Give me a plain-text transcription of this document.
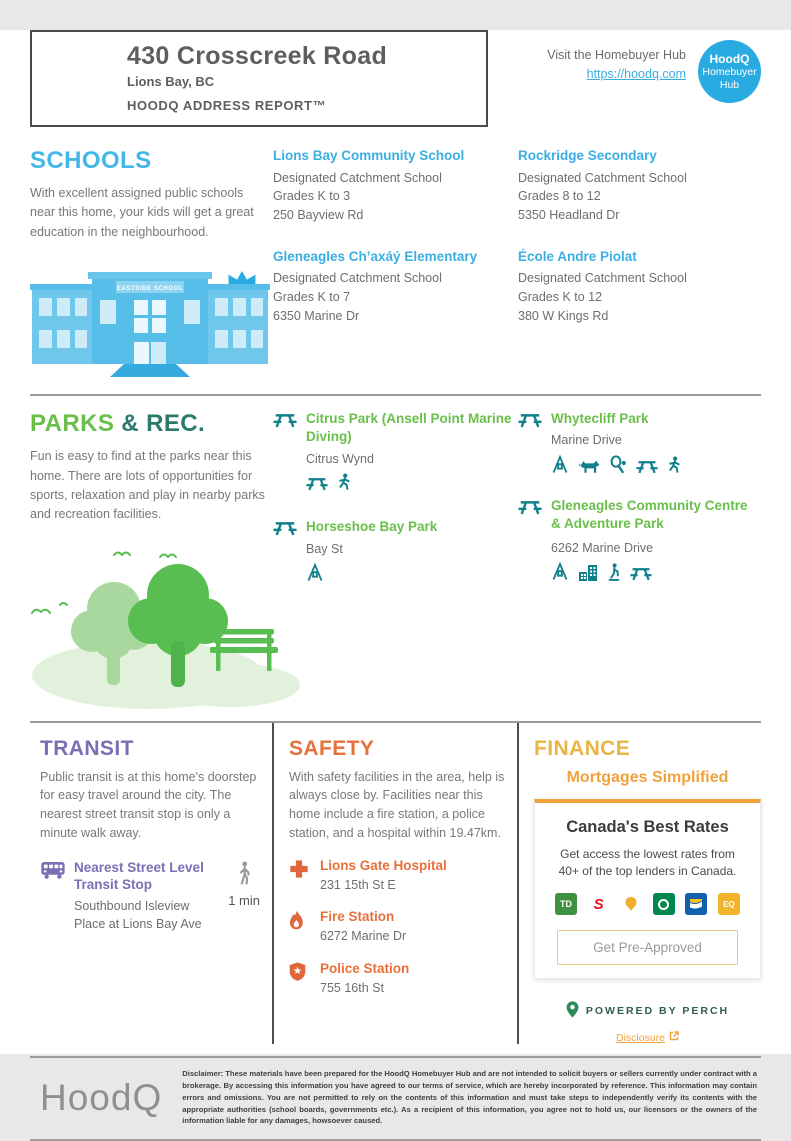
430 Crosscreek Road
Lions Bay, BC
HOODQ ADDRESS REPORT™
Visit the Homebuyer Hub
https://hoodq.com
HoodQ
Homebuyer
Hub
SCHOOLS
With excellent assigned public schools near this home, your kids will get a great education in the neighbourhood.
EASTSIDE SCHOOL
Lions Bay Community School
Designated Catchment School
Grades K to 3
250 Bayview Rd
Gleneagles Ch’axáý Elementary
Designated Catchment School
Grades K to 7
6350 Marine Dr
Rockridge Secondary
Designated Catchment School
Grades 8 to 12
5350 Headland Dr
École Andre Piolat
Designated Catchment School
Grades K to 12
380 W Kings Rd
PARKS & REC.
Fun is easy to find at the parks near this home. There are lots of opportunities for sports, relaxation and play in nearby parks and recreation facilities.
Citrus Park (Ansell Point Marine Diving)
Citrus Wynd
Horseshoe Bay Park
Bay St
Whytecliff Park
Marine Drive
Gleneagles Community Centre & Adventure Park
6262 Marine Drive
TRANSIT
Public transit is at this home's doorstep for easy travel around the city. The nearest street transit stop is only a minute walk away.
Nearest Street Level Transit Stop
Southbound Isleview Place at Lions Bay Ave
1 min
SAFETY
With safety facilities in the area, help is always close by. Facilities near this home include a fire station, a police station, and a hospital within 19.47km.
Lions Gate Hospital
231 15th St E
Fire Station
6272 Marine Dr
Police Station
755 16th St
FINANCE
Mortgages Simplified
Canada's Best Rates
Get access the lowest rates from 40+ of the top lenders in Canada.
TD	S	EQ
Get Pre-Approved
POWERED BY PERCH
Disclosure
HoodQ
Disclaimer: These materials have been prepared for the HoodQ Homebuyer Hub and are not intended to solicit buyers or sellers currently under contract with a brokerage. By accessing this information you have agreed to our terms of service, which are hereby incorporated by reference. This information may contain errors and omissions. You are not permitted to rely on the contents of this information and must take steps to independently verify its contents with the appropriate authorities (school boards, governments etc.). As a recipient of this information, you agree not to hold us, our licensors or the owners of the information liable for any damages, howsoever caused.
